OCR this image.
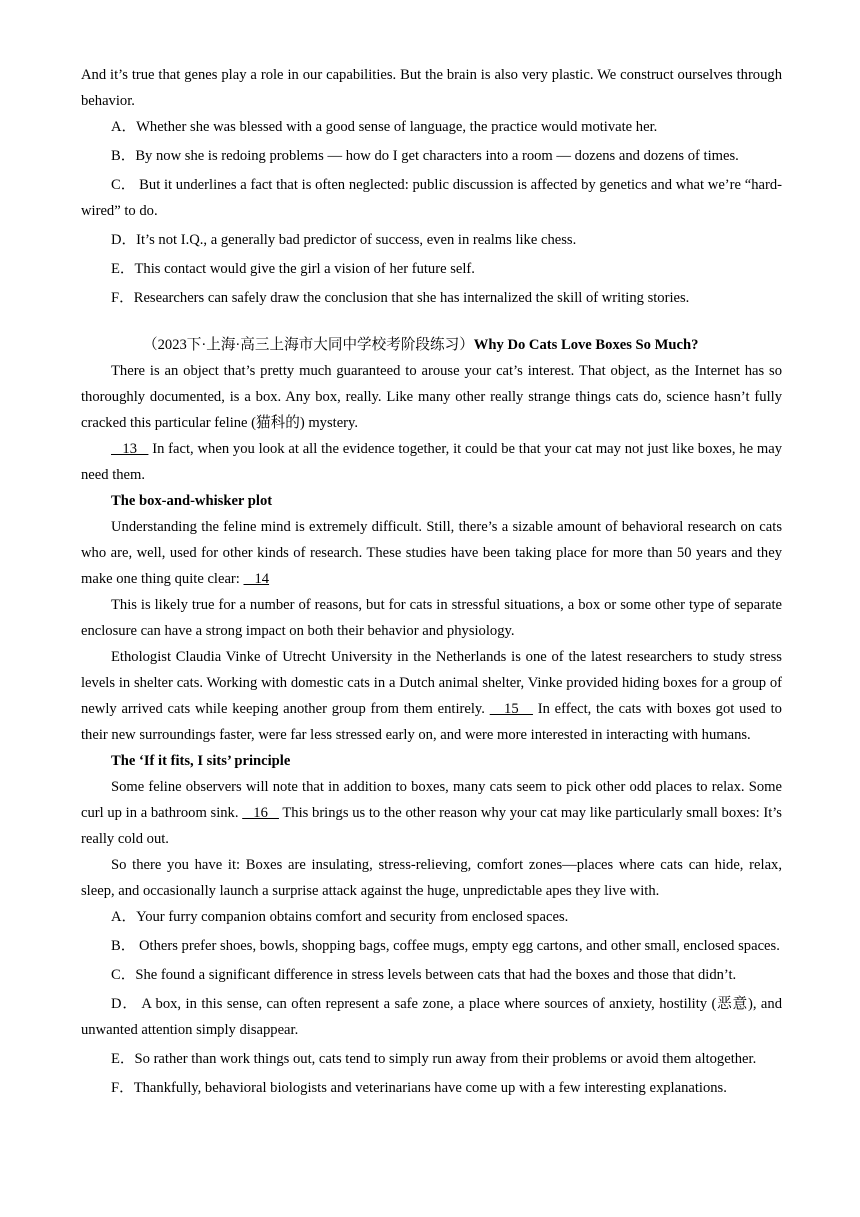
And it’s true that genes play a role in our capabilities. But the brain is also very plastic. We construct ourselves through behavior.

A．Whether she was blessed with a good sense of language, the practice would motivate her.

B．By now she is redoing problems — how do I get characters into a room — dozens and dozens of times.

C． But it underlines a fact that is often neglected: public discussion is affected by genetics and what we’re “hard-wired” to do.

D．It’s not I.Q., a generally bad predictor of success, even in realms like chess.

E．This contact would give the girl a vision of her future self.

F．Researchers can safely draw the conclusion that she has internalized the skill of writing stories.

（2023下·上海·高三上海市大同中学校考阶段练习）Why Do Cats Love Boxes So Much?

There is an object that’s pretty much guaranteed to arouse your cat’s interest. That object, as the Internet has so thoroughly documented, is a box. Any box, really. Like many other really strange things cats do, science hasn’t fully cracked this particular feline (猫科的) mystery.

13    In fact, when you look at all the evidence together, it could be that your cat may not just like boxes, he may need them.

The box-and-whisker plot

Understanding the feline mind is extremely difficult. Still, there’s a sizable amount of behavioral research on cats who are, well, used for other kinds of research. These studies have been taking place for more than 50 years and they make one thing quite clear:    14

This is likely true for a number of reasons, but for cats in stressful situations, a box or some other type of separate enclosure can have a strong impact on both their behavior and physiology.

Ethologist Claudia Vinke of Utrecht University in the Netherlands is one of the latest researchers to study stress levels in shelter cats. Working with domestic cats in a Dutch animal shelter, Vinke provided hiding boxes for a group of newly arrived cats while keeping another group from them entirely.    15    In effect, the cats with boxes got used to their new surroundings faster, were far less stressed early on, and were more interested in interacting with humans.

The ‘If it fits, I sits’ principle

Some feline observers will note that in addition to boxes, many cats seem to pick other odd places to relax. Some curl up in a bathroom sink.    16    This brings us to the other reason why your cat may like particularly small boxes: It’s really cold out.

So there you have it: Boxes are insulating, stress-relieving, comfort zones—places where cats can hide, relax, sleep, and occasionally launch a surprise attack against the huge, unpredictable apes they live with.

A．Your furry companion obtains comfort and security from enclosed spaces.

B． Others prefer shoes, bowls, shopping bags, coffee mugs, empty egg cartons, and other small, enclosed spaces.

C．She found a significant difference in stress levels between cats that had the boxes and those that didn’t.

D． A box, in this sense, can often represent a safe zone, a place where sources of anxiety, hostility (恶意), and unwanted attention simply disappear.

E．So rather than work things out, cats tend to simply run away from their problems or avoid them altogether.

F．Thankfully, behavioral biologists and veterinarians have come up with a few interesting explanations.
